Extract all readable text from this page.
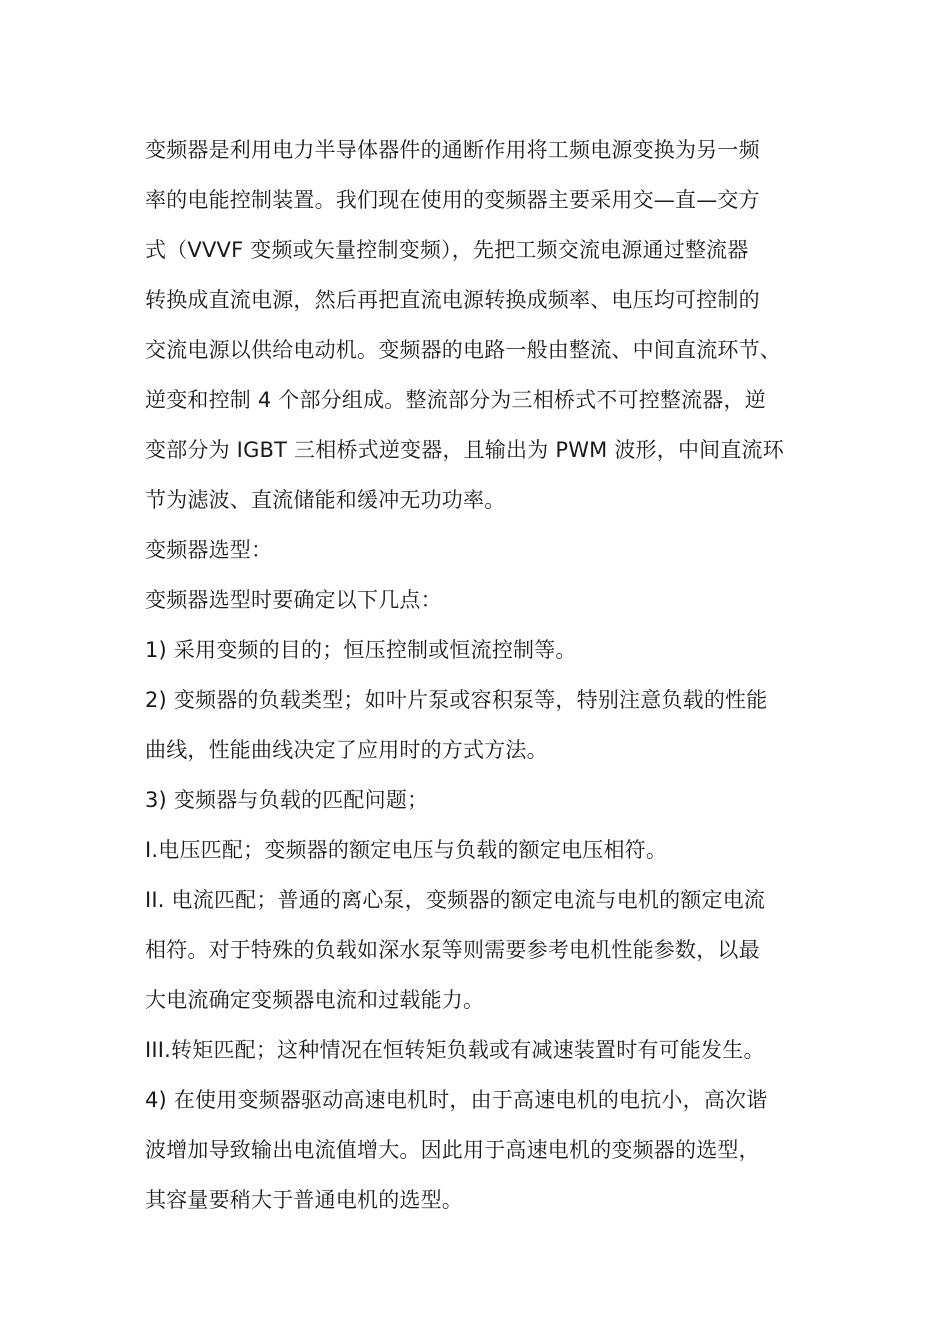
变频器是利用电力半导体器件的通断作用将工频电源变换为另一频

率的电能控制装置。我们现在使用的变频器主要采用交—直—交方

式（VVVF 变频或矢量控制变频），先把工频交流电源通过整流器

转换成直流电源，然后再把直流电源转换成频率、电压均可控制的

交流电源以供给电动机。变频器的电路一般由整流、中间直流环节、

逆变和控制 4 个部分组成。整流部分为三相桥式不可控整流器，逆

变部分为 IGBT 三相桥式逆变器，且输出为 PWM 波形，中间直流环

节为滤波、直流储能和缓冲无功功率。

变频器选型：

变频器选型时要确定以下几点：

1) 采用变频的目的；恒压控制或恒流控制等。

2) 变频器的负载类型；如叶片泵或容积泵等，特别注意负载的性能

曲线，性能曲线决定了应用时的方式方法。

3) 变频器与负载的匹配问题；

I.电压匹配；变频器的额定电压与负载的额定电压相符。

II. 电流匹配；普通的离心泵，变频器的额定电流与电机的额定电流

相符。对于特殊的负载如深水泵等则需要参考电机性能参数，以最

大电流确定变频器电流和过载能力。

III.转矩匹配；这种情况在恒转矩负载或有减速装置时有可能发生。

4) 在使用变频器驱动高速电机时，由于高速电机的电抗小，高次谐

波增加导致输出电流值增大。因此用于高速电机的变频器的选型，

其容量要稍大于普通电机的选型。
